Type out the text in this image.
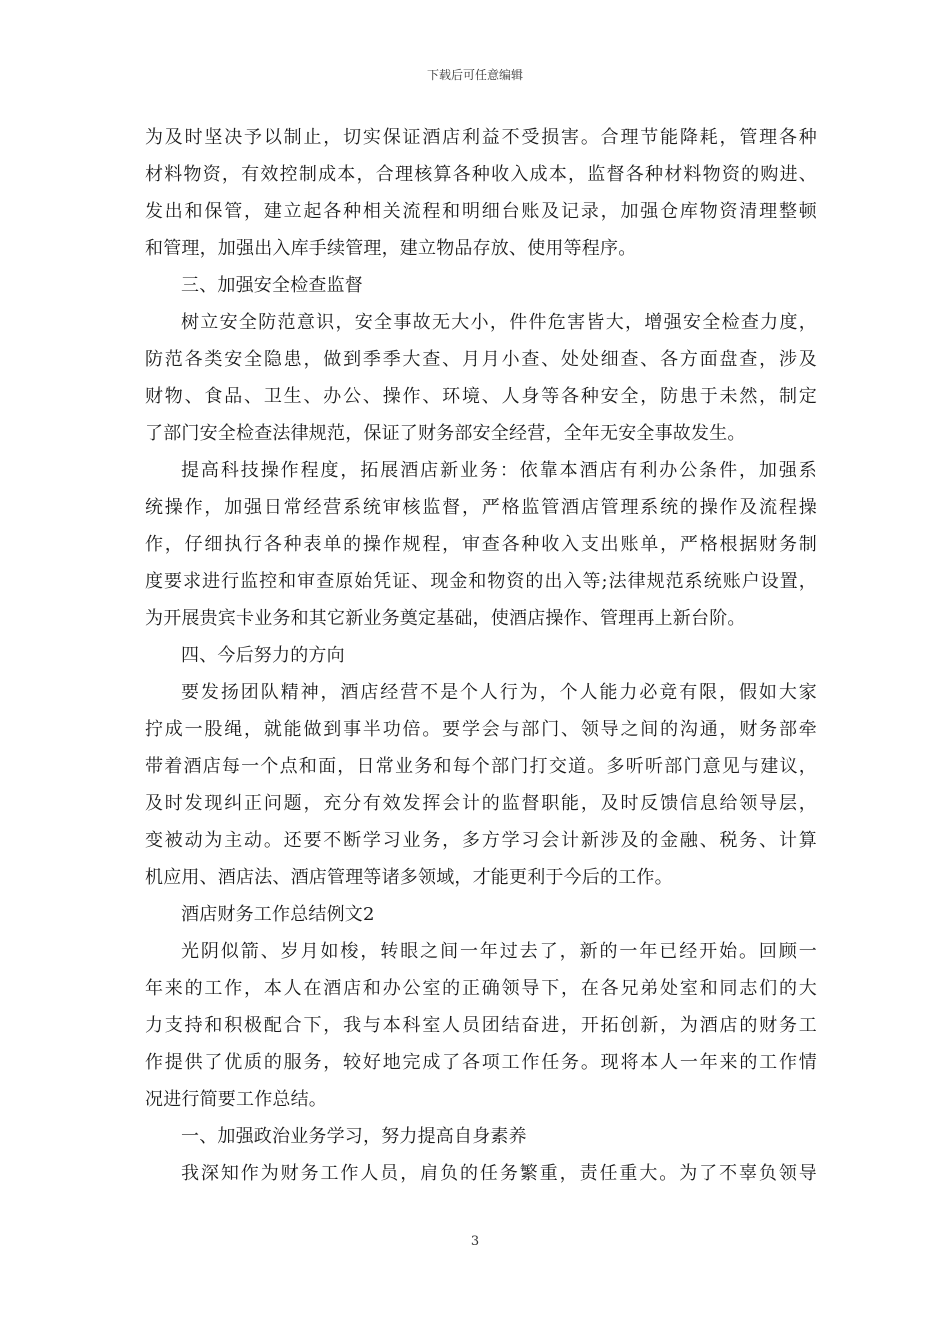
下载后可任意编辑
为及时坚决予以制止，切实保证酒店利益不受损害。合理节能降耗，管理各种
材料物资，有效控制成本，合理核算各种收入成本，监督各种材料物资的购进、
发出和保管，建立起各种相关流程和明细台账及记录，加强仓库物资清理整顿
和管理，加强出入库手续管理，建立物品存放、使用等程序。
三、加强安全检查监督
树立安全防范意识，安全事故无大小，件件危害皆大，增强安全检查力度，
防范各类安全隐患，做到季季大查、月月小查、处处细查、各方面盘查，涉及
财物、食品、卫生、办公、操作、环境、人身等各种安全，防患于未然，制定
了部门安全检查法律规范，保证了财务部安全经营，全年无安全事故发生。
提高科技操作程度，拓展酒店新业务：依靠本酒店有利办公条件，加强系
统操作，加强日常经营系统审核监督，严格监管酒店管理系统的操作及流程操
作，仔细执行各种表单的操作规程，审查各种收入支出账单，严格根据财务制
度要求进行监控和审查原始凭证、现金和物资的出入等;法律规范系统账户设置，
为开展贵宾卡业务和其它新业务奠定基础，使酒店操作、管理再上新台阶。
四、今后努力的方向
要发扬团队精神，酒店经营不是个人行为，个人能力必竟有限，假如大家
拧成一股绳，就能做到事半功倍。要学会与部门、领导之间的沟通，财务部牵
带着酒店每一个点和面，日常业务和每个部门打交道。多听听部门意见与建议，
及时发现纠正问题，充分有效发挥会计的监督职能，及时反馈信息给领导层，
变被动为主动。还要不断学习业务，多方学习会计新涉及的金融、税务、计算
机应用、酒店法、酒店管理等诸多领域，才能更利于今后的工作。
酒店财务工作总结例文2
光阴似箭、岁月如梭，转眼之间一年过去了，新的一年已经开始。回顾一
年来的工作，本人在酒店和办公室的正确领导下，在各兄弟处室和同志们的大
力支持和积极配合下，我与本科室人员团结奋进，开拓创新，为酒店的财务工
作提供了优质的服务，较好地完成了各项工作任务。现将本人一年来的工作情
况进行简要工作总结。
一、加强政治业务学习，努力提高自身素养
我深知作为财务工作人员，肩负的任务繁重，责任重大。为了不辜负领导
3
